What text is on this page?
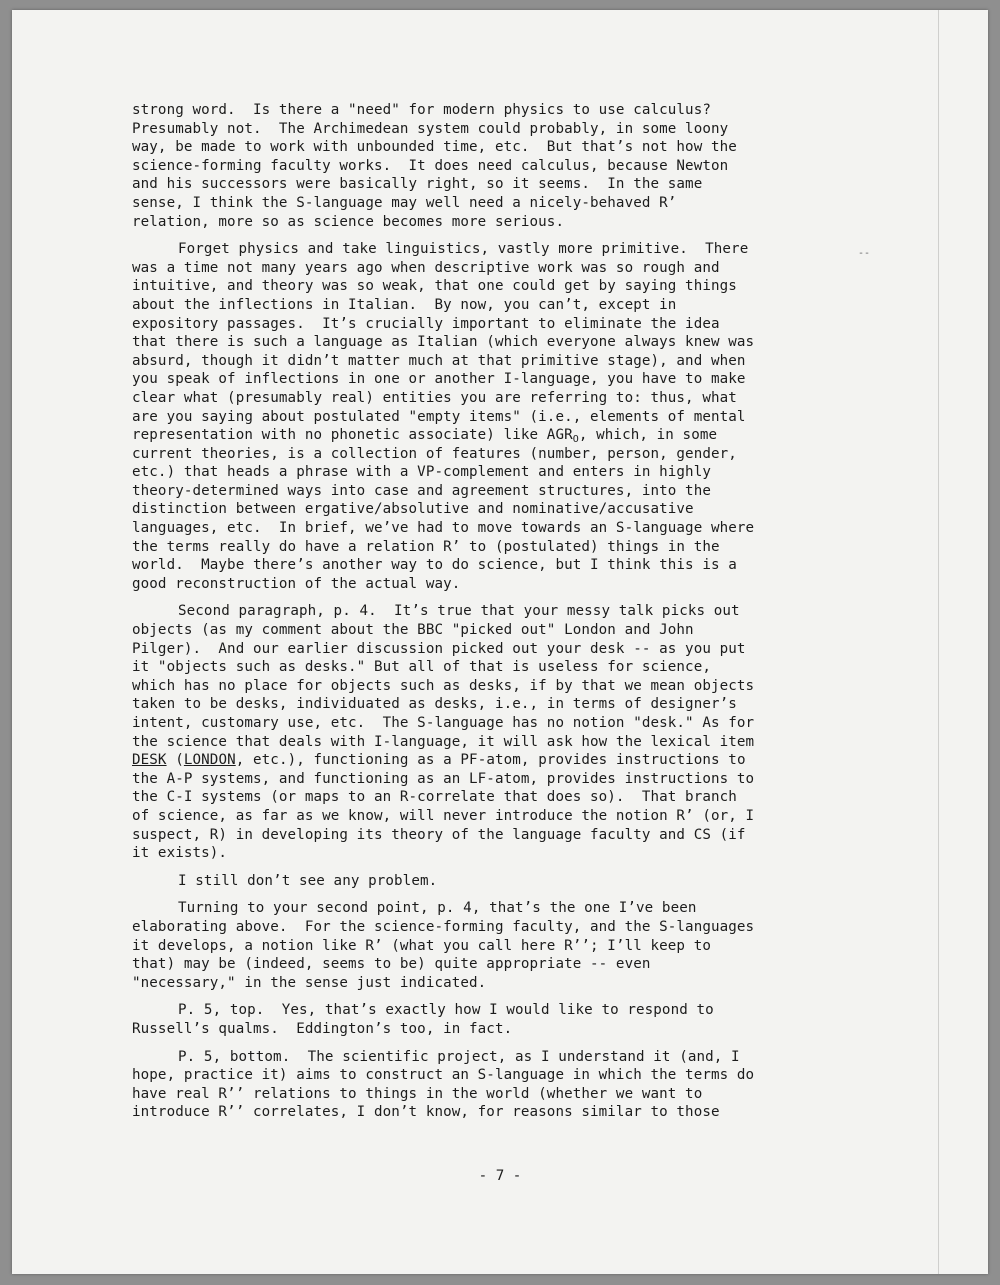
--
strong word.  Is there a "need" for modern physics to use calculus?
Presumably not.  The Archimedean system could probably, in some loony
way, be made to work with unbounded time, etc.  But that’s not how the
science-forming faculty works.  It does need calculus, because Newton
and his successors were basically right, so it seems.  In the same
sense, I think the S-language may well need a nicely-behaved R’
relation, more so as science becomes more serious.
Forget physics and take linguistics, vastly more primitive.  There
was a time not many years ago when descriptive work was so rough and
intuitive, and theory was so weak, that one could get by saying things
about the inflections in Italian.  By now, you can’t, except in
expository passages.  It’s crucially important to eliminate the idea
that there is such a language as Italian (which everyone always knew was
absurd, though it didn’t matter much at that primitive stage), and when
you speak of inflections in one or another I-language, you have to make
clear what (presumably real) entities you are referring to: thus, what
are you saying about postulated "empty items" (i.e., elements of mental
representation with no phonetic associate) like $AGR_O$, which, in some
current theories, is a collection of features (number, person, gender,
etc.) that heads a phrase with a VP-complement and enters in highly
theory-determined ways into case and agreement structures, into the
distinction between ergative/absolutive and nominative/accusative
languages, etc.  In brief, we’ve had to move towards an S-language where
the terms really do have a relation R’ to (postulated) things in the
world.  Maybe there’s another way to do science, but I think this is a
good reconstruction of the actual way.
Second paragraph, p. 4.  It’s true that your messy talk picks out
objects (as my comment about the BBC "picked out" London and John
Pilger).  And our earlier discussion picked out your desk -- as you put
it "objects such as desks." But all of that is useless for science,
which has no place for objects such as desks, if by that we mean objects
taken to be desks, individuated as desks, i.e., in terms of designer’s
intent, customary use, etc.  The S-language has no notion "desk." As for
the science that deals with I-language, it will ask how the lexical item
DESK (LONDON, etc.), functioning as a PF-atom, provides instructions to
the A-P systems, and functioning as an LF-atom, provides instructions to
the C-I systems (or maps to an R-correlate that does so).  That branch
of science, as far as we know, will never introduce the notion R’ (or, I
suspect, R) in developing its theory of the language faculty and CS (if
it exists).
I still don’t see any problem.
Turning to your second point, p. 4, that’s the one I’ve been
elaborating above.  For the science-forming faculty, and the S-languages
it develops, a notion like R’ (what you call here R’’; I’ll keep to
that) may be (indeed, seems to be) quite appropriate -- even
"necessary," in the sense just indicated.
P. 5, top.  Yes, that’s exactly how I would like to respond to
Russell’s qualms.  Eddington’s too, in fact.
P. 5, bottom.  The scientific project, as I understand it (and, I
hope, practice it) aims to construct an S-language in which the terms do
have real R’’ relations to things in the world (whether we want to
introduce R’’ correlates, I don’t know, for reasons similar to those
- 7 -
